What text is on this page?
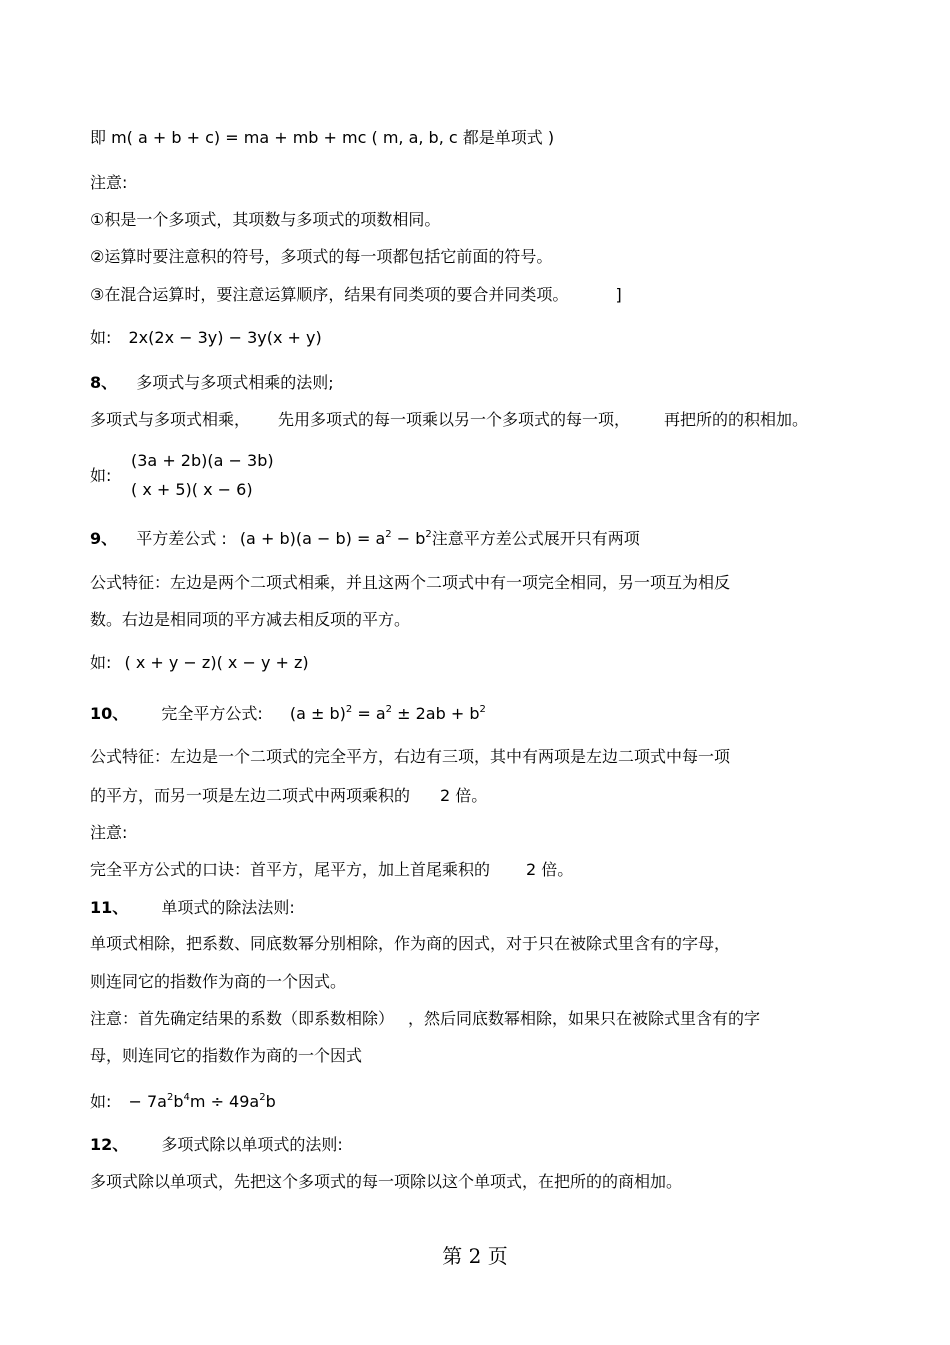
即 m( a + b + c) = ma + mb + mc ( m, a, b, c 都是单项式 )
注意:
①积是一个多项式，其项数与多项式的项数相同。
②运算时要注意积的符号，多项式的每一项都包括它前面的符号。
③在混合运算时，要注意运算顺序，结果有同类项的要合并同类项。	]
如: 2x(2x − 3y) − 3y(x + y)
8、 多项式与多项式相乘的法则;
多项式与多项式相乘， 先用多项式的每一项乘以另一个多项式的每一项， 再把所的的积相加。
如:
(3a + 2b)(a − 3b)
( x + 5)( x − 6)
9、 平方差公式 : $(a + b)(a - b) = a^2 - b^2$注意平方差公式展开只有两项
公式特征：左边是两个二项式相乘，并且这两个二项式中有一项完全相同，另一项互为相反
数。右边是相同项的平方减去相反项的平方。
如: ( x + y − z)( x − y + z)
10、 完全平方公式: $(a \pm b)^2 = a^2 \pm 2ab + b^2$
公式特征：左边是一个二项式的完全平方，右边有三项，其中有两项是左边二项式中每一项
的平方，而另一项是左边二项式中两项乘积的 2 倍。
注意:
完全平方公式的口诀：首平方，尾平方，加上首尾乘积的 2 倍。
11、 单项式的除法法则:
单项式相除，把系数、同底数幂分别相除，作为商的因式，对于只在被除式里含有的字母，
则连同它的指数作为商的一个因式。
注意：首先确定结果的系数（即系数相除） ，然后同底数幂相除，如果只在被除式里含有的字
母，则连同它的指数作为商的一个因式
如: − $7a^2b^4m \div 49a^2b$
12、 多项式除以单项式的法则:
多项式除以单项式，先把这个多项式的每一项除以这个单项式，在把所的的商相加。
第 2 页
